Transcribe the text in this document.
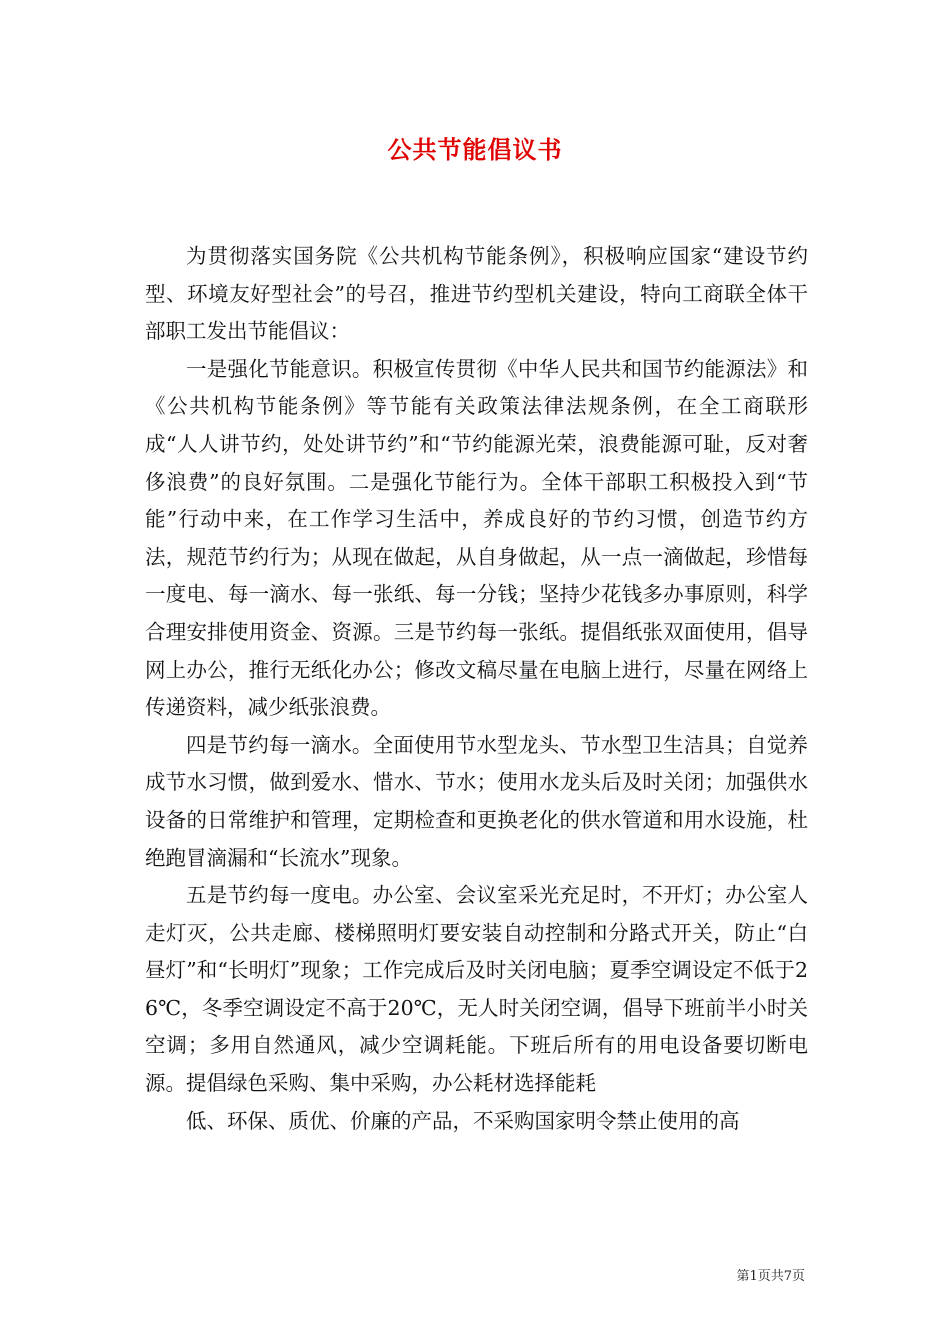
公共节能倡议书

为贯彻落实国务院《公共机构节能条例》，积极响应国家“建设节约型、环境友好型社会”的号召，推进节约型机关建设，特向工商联全体干部职工发出节能倡议：

一是强化节能意识。积极宣传贯彻《中华人民共和国节约能源法》和《公共机构节能条例》等节能有关政策法律法规条例，在全工商联形成“人人讲节约，处处讲节约”和“节约能源光荣，浪费能源可耻，反对奢侈浪费”的良好氛围。二是强化节能行为。全体干部职工积极投入到“节能”行动中来，在工作学习生活中，养成良好的节约习惯，创造节约方法，规范节约行为；从现在做起，从自身做起，从一点一滴做起，珍惜每一度电、每一滴水、每一张纸、每一分钱；坚持少花钱多办事原则，科学合理安排使用资金、资源。三是节约每一张纸。提倡纸张双面使用，倡导网上办公，推行无纸化办公；修改文稿尽量在电脑上进行，尽量在网络上传递资料，减少纸张浪费。

四是节约每一滴水。全面使用节水型龙头、节水型卫生洁具；自觉养成节水习惯，做到爱水、惜水、节水；使用水龙头后及时关闭；加强供水设备的日常维护和管理，定期检查和更换老化的供水管道和用水设施，杜绝跑冒滴漏和“长流水”现象。

五是节约每一度电。办公室、会议室采光充足时，不开灯；办公室人走灯灭，公共走廊、楼梯照明灯要安装自动控制和分路式开关，防止“白昼灯”和“长明灯”现象；工作完成后及时关闭电脑；夏季空调设定不低于26℃，冬季空调设定不高于20℃，无人时关闭空调，倡导下班前半小时关空调；多用自然通风，减少空调耗能。下班后所有的用电设备要切断电源。提倡绿色采购、集中采购，办公耗材选择能耗

低、环保、质优、价廉的产品，不采购国家明令禁止使用的高

第1页共7页
